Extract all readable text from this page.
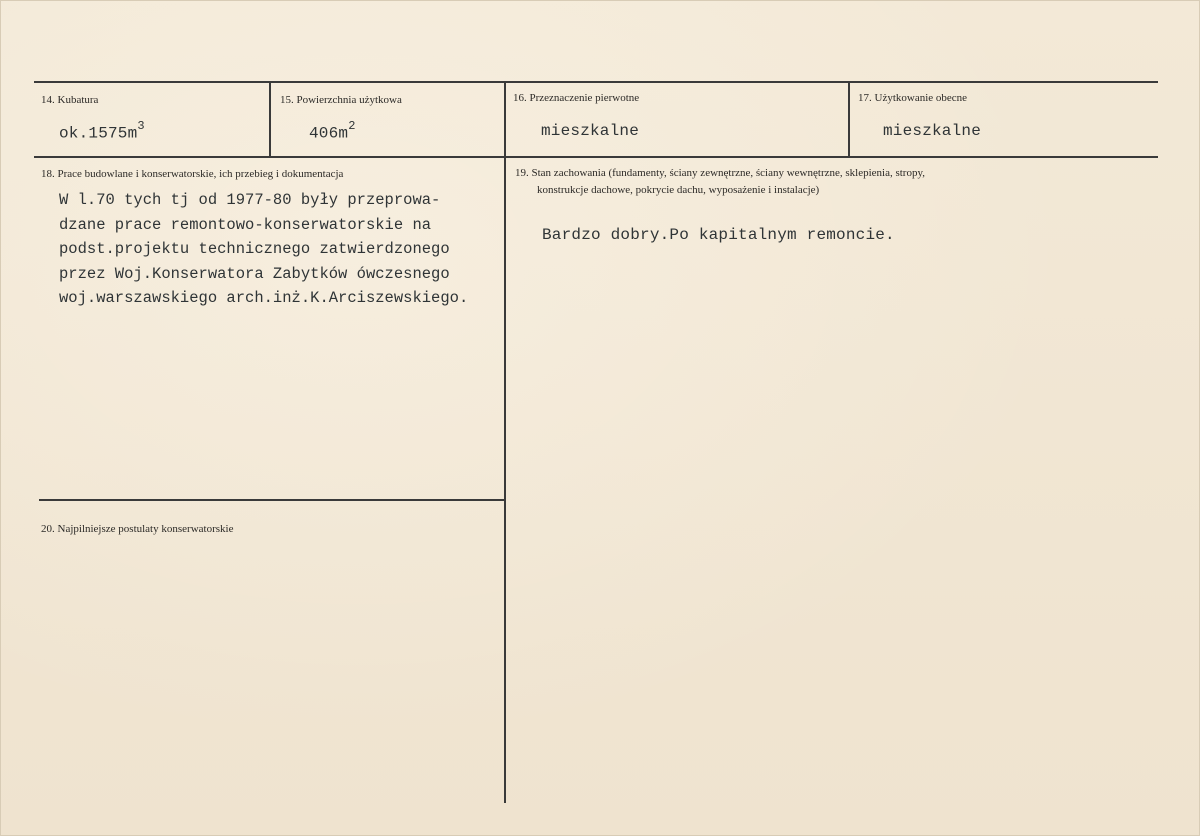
14. Kubatura
$ok.1575m^3$
15. Powierzchnia użytkowa
$406m^2$
16. Przeznaczenie pierwotne
mieszkalne
17. Użytkowanie obecne
mieszkalne
18. Prace budowlane i konserwatorskie, ich przebieg i dokumentacja
W l.70 tych tj od 1977-80 były przeprowa-
dzane prace remontowo-konserwatorskie na
podst.projektu technicznego zatwierdzonego
przez Woj.Konserwatora Zabytków ówczesnego
woj.warszawskiego arch.inż.K.Arciszewskiego.
19. Stan zachowania (fundamenty, ściany zewnętrzne, ściany wewnętrzne, sklepienia, stropy,
konstrukcje dachowe, pokrycie dachu, wyposażenie i instalacje)
Bardzo dobry.Po kapitalnym remoncie.
20. Najpilniejsze postulaty konserwatorskie
